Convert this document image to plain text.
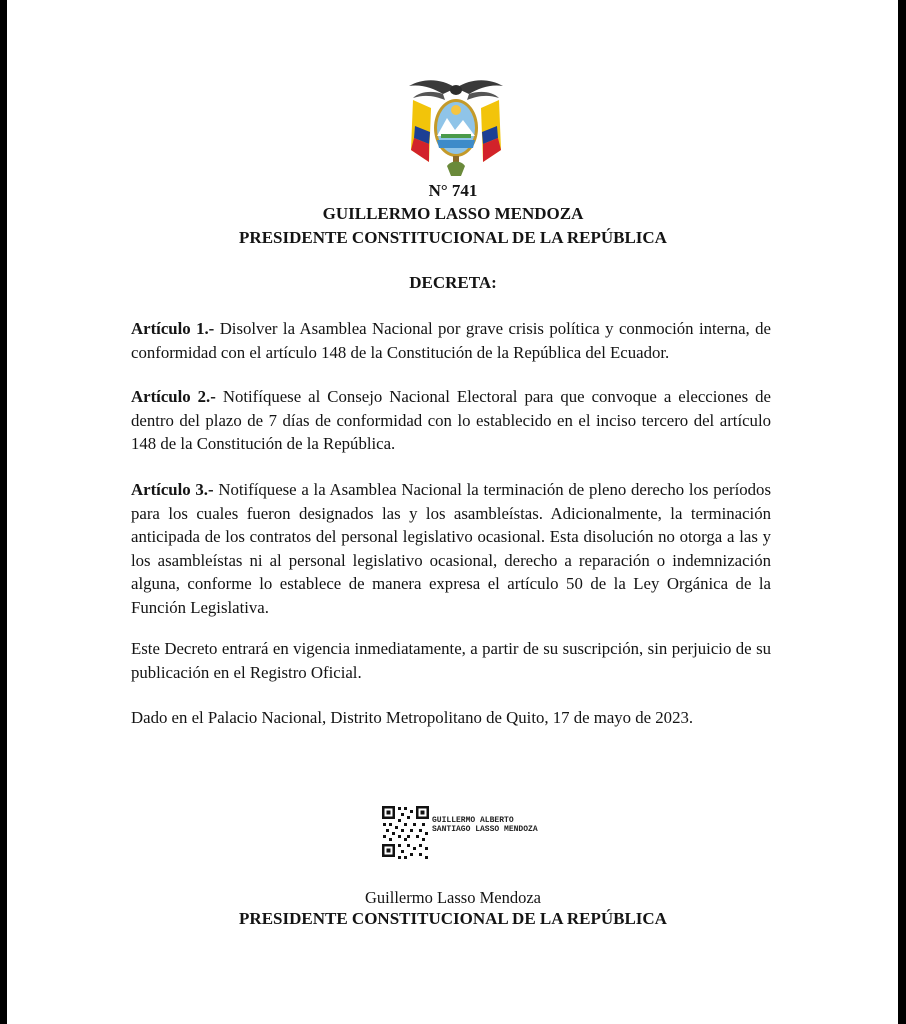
N° 741
GUILLERMO LASSO MENDOZA
PRESIDENTE CONSTITUCIONAL DE LA REPÚBLICA
DECRETA:

Artículo 1.- Disolver la Asamblea Nacional por grave crisis política y conmoción interna, de conformidad con el artículo 148 de la Constitución de la República del Ecuador.

Artículo 2.- Notifíquese al Consejo Nacional Electoral para que convoque a elecciones de dentro del plazo de 7 días de conformidad con lo establecido en el inciso tercero del artículo 148 de la Constitución de la República.

Artículo 3.- Notifíquese a la Asamblea Nacional la terminación de pleno derecho los períodos para los cuales fueron designados las y los asambleístas. Adicionalmente, la terminación anticipada de los contratos del personal legislativo ocasional. Esta disolución no otorga a las y los asambleístas ni al personal legislativo ocasional, derecho a reparación o indemnización alguna, conforme lo establece de manera expresa el artículo 50 de la Ley Orgánica de la Función Legislativa.

Este Decreto entrará en vigencia inmediatamente, a partir de su suscripción, sin perjuicio de su publicación en el Registro Oficial.

Dado en el Palacio Nacional, Distrito Metropolitano de Quito, 17 de mayo de 2023.

GUILLERMO ALBERTO SANTIAGO LASSO MENDOZA
Guillermo Lasso Mendoza
PRESIDENTE CONSTITUCIONAL DE LA REPÚBLICA
